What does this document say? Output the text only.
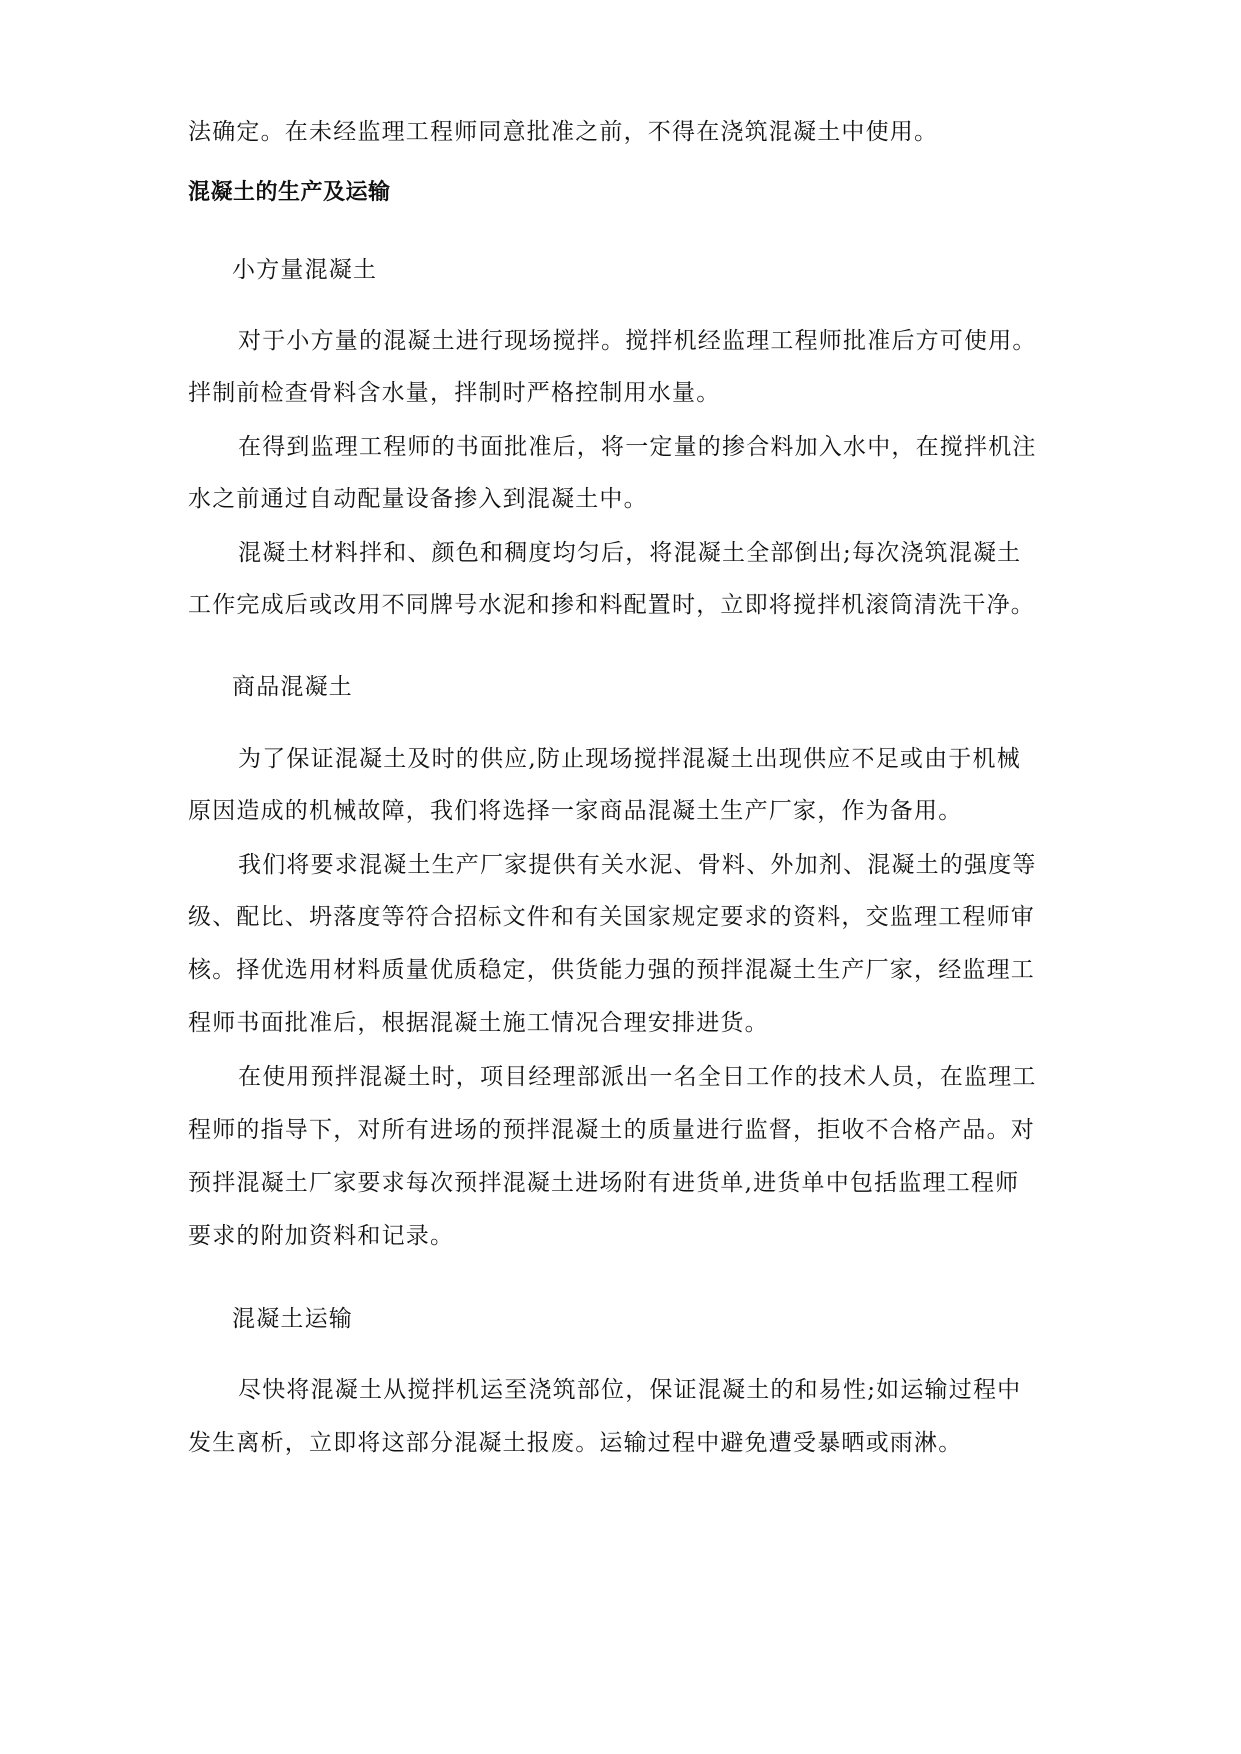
法确定。在未经监理工程师同意批准之前，不得在浇筑混凝土中使用。
混凝土的生产及运输
小方量混凝土
对于小方量的混凝土进行现场搅拌。搅拌机经监理工程师批准后方可使用。
拌制前检查骨料含水量，拌制时严格控制用水量。
在得到监理工程师的书面批准后，将一定量的掺合料加入水中，在搅拌机注
水之前通过自动配量设备掺入到混凝土中。
混凝土材料拌和、颜色和稠度均匀后，将混凝土全部倒出;每次浇筑混凝土
工作完成后或改用不同牌号水泥和掺和料配置时，立即将搅拌机滚筒清洗干净。
商品混凝土
为了保证混凝土及时的供应,防止现场搅拌混凝土出现供应不足或由于机械
原因造成的机械故障，我们将选择一家商品混凝土生产厂家，作为备用。
我们将要求混凝土生产厂家提供有关水泥、骨料、外加剂、混凝土的强度等
级、配比、坍落度等符合招标文件和有关国家规定要求的资料，交监理工程师审
核。择优选用材料质量优质稳定，供货能力强的预拌混凝土生产厂家，经监理工
程师书面批准后，根据混凝土施工情况合理安排进货。
在使用预拌混凝土时，项目经理部派出一名全日工作的技术人员，在监理工
程师的指导下，对所有进场的预拌混凝土的质量进行监督，拒收不合格产品。对
预拌混凝土厂家要求每次预拌混凝土进场附有进货单,进货单中包括监理工程师
要求的附加资料和记录。
混凝土运输
尽快将混凝土从搅拌机运至浇筑部位，保证混凝土的和易性;如运输过程中
发生离析，立即将这部分混凝土报废。运输过程中避免遭受暴晒或雨淋。
